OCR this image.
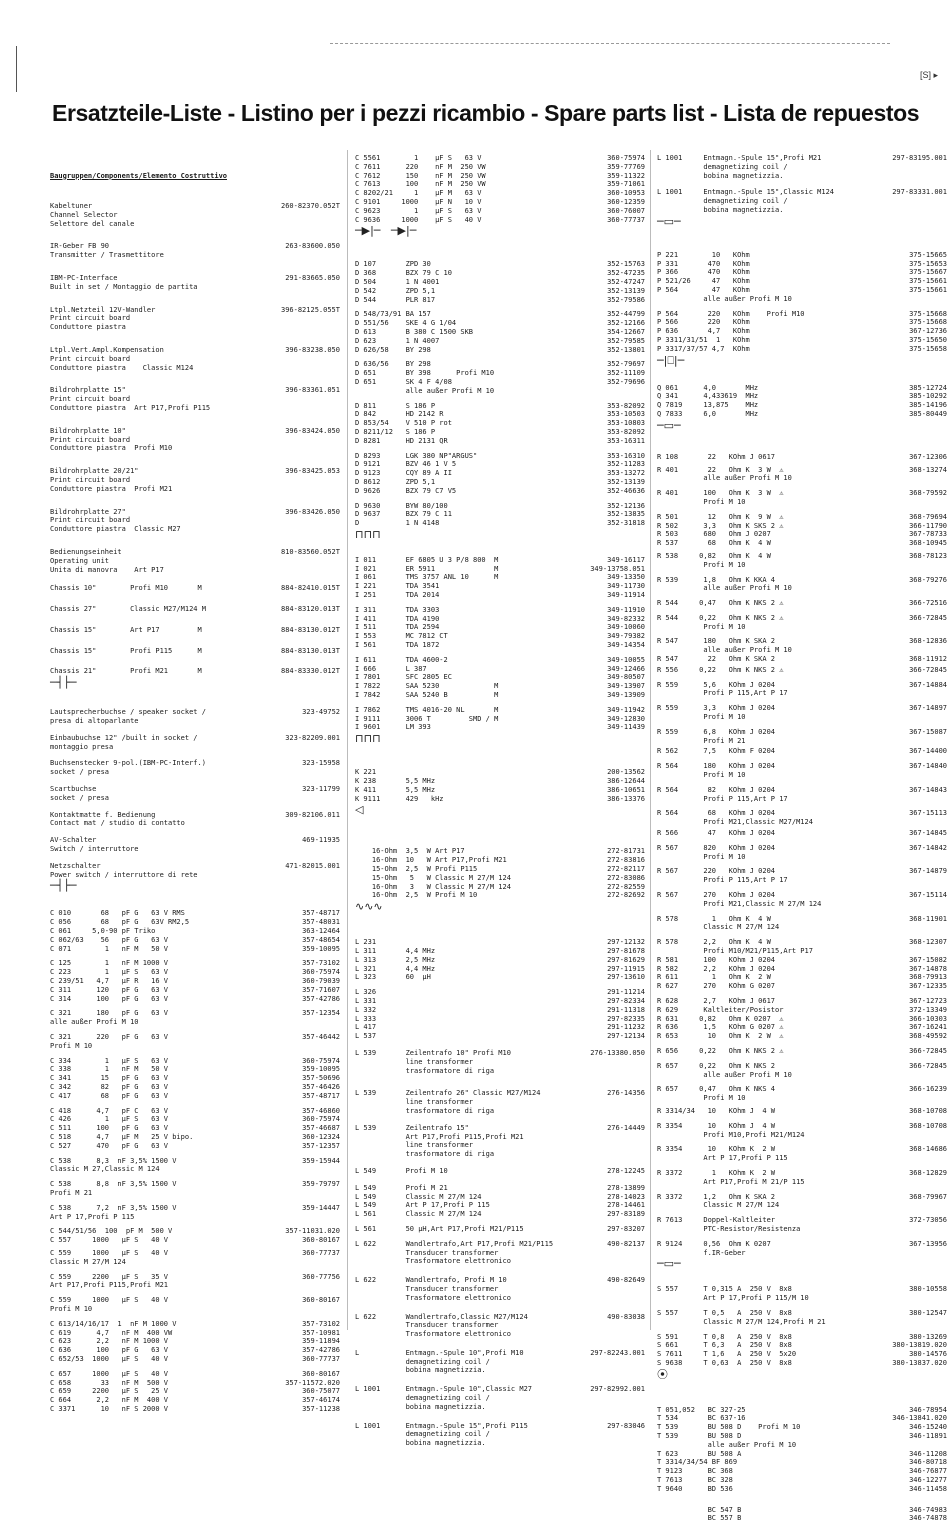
[S] ▸
Ersatzteile-Liste - Listino per i pezzi ricambio - Spare parts list - Lista de repuestos

Baugruppen/Components/Elemento Costruttivo

Kabeltuner
Channel Selector
Selettore del canale
260-82370.052T
IR-Geber FB 90
Transmitter / Trasmettitore
263-83600.050
IBM-PC-Interface
Built in set / Montaggio de partita
291-83665.050
Ltpl.Netzteil 12V-Wandler
Print circuit board
Conduttore piastra
396-82125.055T
Ltpl.Vert.Ampl.Kompensation
Print circuit board
Conduttore piastra    Classic M124
396-83238.050
Bildrohrplatte 15"
Print circuit board
Conduttore piastra  Art P17,Profi P115
396-83361.051
Bildrohrplatte 10"
Print circuit board
Conduttore piastra  Profi M10
396-83424.050
Bildrohrplatte 20/21"
Print circuit board
Conduttore piastra  Profi M21
396-83425.053
Bildrohrplatte 27"
Print circuit board
Conduttore piastra  Classic M27
396-83426.050
Bedienungseinheit
Operating unit
Unita di manovra    Art P17
810-83560.052T
Chassis 10"        Profi M10       M	884-82410.015T
Chassis 27"        Classic M27/M124 M	884-83120.013T
Chassis 15"        Art P17         M	884-83130.012T
Chassis 15"        Profi P115      M	884-83130.013T
Chassis 21"        Profi M21       M	884-83330.012T
─┤├─
Lautsprecherbuchse / speaker socket /
presa di altoparlante
323-49752
Einbaubuchse 12" /built in socket /
montaggio presa
323-82209.001
Buchsenstecker 9-pol.(IBM-PC-Interf.)
socket / presa
323-15958
Scartbuchse
socket / presa
323-11799
Kontaktmatte f. Bedienung
Contact mat / studio di contatto
309-82106.011
AV-Schalter
Switch / interruttore
469-11935
Netzschalter
Power switch / interruttore di rete
471-82015.001
─┤├─
C 010       68   pF G   63 V RMS	357-48717
C 056       68   pF G   63V RM2,5	357-48031
C 061     5,0-90 pF Triko	363-12464
C 062/63    56   pF G   63 V	357-48654
C 071        1   nF M   50 V	359-10095
C 125        1   nF M 1000 V	357-73102
C 223        1   µF S   63 V	360-75974
C 239/51   4,7   µF R   16 V	360-79039
C 311      120   pF G   63 V	357-71607
C 314      100   pF G   63 V	357-42786
C 321      180   pF G   63 V
alle außer Profi M 10
357-12354
C 321      220   pF G   63 V
Profi M 10
357-46442
C 334        1   µF S   63 V	360-75974
C 338        1   nF M   50 V	359-10095
C 341       15   pF G   63 V	357-50696
C 342       82   pF G   63 V	357-46426
C 417       68   pF G   63 V	357-48717
C 418      4,7   pF C   63 V	357-46860
C 426        1   µF S   63 V	360-75974
C 511      100   pF G   63 V	357-46687
C 518      4,7   µF M   25 V bipo.	360-12324
C 527      470   pF G   63 V	357-12357
C 538      8,3  nF 3,5% 1500 V
Classic M 27,Classic M 124
359-15944
C 538      8,8  nF 3,5% 1500 V
Profi M 21
359-79797
C 538      7,2  nF 3,5% 1500 V
Art P 17,Profi P 115
359-14447
C 544/51/56  100  pF M  500 V	357-11031.020
C 557     1000   µF S   40 V	360-80167
C 559     1000   µF S   40 V
Classic M 27/M 124
360-77737
C 559     2200   µF S   35 V
Art P17,Profi P115,Profi M21
360-77756
C 559     1000   µF S   40 V
Profi M 10
360-80167
C 613/14/16/17  1  nF M 1000 V	357-73102
C 619      4,7   nF M  400 VW	357-10981
C 623      2,2   nF M 1000 V	359-11894
C 636      100   pF G   63 V	357-42786
C 652/53  1000   µF S   40 V	360-77737
C 657     1000   µF S   40 V	360-80167
C 658       33   nF M  500 V	357-11572.020
C 659     2200   µF S   25 V	360-75077
C 664      2,2   nF M  400 V	357-46174
C 3371      10   nF S 2000 V	357-11238
C 5561        1    µF S   63 V	360-75974
C 7611      220    nF M  250 VW	359-77769
C 7612      150    nF M  250 VW	359-11322
C 7613      100    nF M  250 VW	359-71061
C 8202/21     1    µF M   63 V	360-10953
C 9101     1000    µF N   10 V	360-12359
C 9623        1    µF S   63 V	360-76007
C 9636     1000    µF S   40 V	360-77737
─▶|─   ─▶|─
D 107       ZPD 30	352-15763
D 368       BZX 79 C 10	352-47235
D 504       1 N 4001	352-47247
D 542       ZPD 5,1	352-13139
D 544       PLR 817	352-79586
D 548/73/91 BA 157	352-44799
D 551/56    SKE 4 G 1/04	352-12166
D 613       B 380 C 1500 SKB	354-12667
D 623       1 N 4007	352-79585
D 626/58    BY 298	352-13801
D 636/56    BY 298	352-79697
D 651       BY 398      Profi M10	352-11109
D 651       SK 4 F 4/08
alle außer Profi M 10
352-79696
D 811       S 186 P	353-82092
D 842       HD 2142 R	353-10503
D 853/54    V 510 P rot	353-10803
D 8211/12   S 186 P	353-82092
D 8281      HD 2131 QR	353-16311
D 8293      LGK 380 NP"ARGUS"	353-16310
D 9121      BZV 46 1 V 5	352-11283
D 9123      CQY 89 A II	353-13272
D 8612      ZPD 5,1	352-13139
D 9626      BZX 79 C7 V5	352-46636
D 9630      BYW 80/100	352-12136
D 9637      BZX 79 C 11	352-13835
D           1 N 4148	352-31818
⊓⊓⊓
I 011       EF 6805 U 3 P/8 800  M	349-16117
I 021       ER 5911              M	349-13758.051
I 061       TMS 3757 ANL 10      M	349-13350
I 221       TDA 3541	349-11730
I 251       TDA 2014	349-11914
I 311       TDA 3303	349-11910
I 411       TDA 4190	349-82332
I 511       TDA 2594	349-10060
I 553       MC 7812 CT	349-79382
I 561       TDA 1872	349-14354
I 611       TDA 4600-2	349-10055
I 666       L 387	349-12466
I 7801      SFC 2805 EC	349-80507
I 7822      SAA 5230             M	349-13907
I 7842      SAA 5240 B           M	349-13909
I 7862      TMS 4016-20 NL       M	349-11942
I 9111      3006 T         SMD / M	349-12830
I 9601      LM 393	349-11439
⊓⊓⊓
K 221	200-13562
K 238       5,5 MHz	386-12644
K 411       5,5 MHz	386-10651
K 9111      429   kHz	386-13376
◁
16-Ohm  3,5  W Art P17	272-81731
16-Ohm  10   W Art P17,Profi M21	272-83816
15-Ohm  2,5  W Profi P115	272-82117
15-Ohm   5   W Classic M 27/M 124	272-83086
16-Ohm   3   W Classic M 27/M 124	272-82559
16-Ohm  2,5  W Profi M 10	272-82692
∿∿∿
L 231	297-12132
L 311       4,4 MHz	297-81678
L 313       2,5 MHz	297-81629
L 321       4,4 MHz	297-11915
L 323       60  µH	297-13610
L 326	291-11214
L 331	297-82334
L 332	291-11318
L 333	297-82335
L 417	291-11232
L 537	297-12134
L 539       Zeilentrafo 10" Profi M10
line transformer
trasformatore di riga
276-13380.050
L 539       Zeilentrafo 26" Classic M27/M124
line transformer
trasformatore di riga
276-14356
L 539       Zeilentrafo 15"
Art P17,Profi P115,Profi M21
line transformer
trasformatore di riga
276-14449
L 549       Profi M 10	278-12245
L 549       Profi M 21	278-13899
L 549       Classic M 27/M 124	278-14023
L 549       Art P 17,Profi P 115	278-14461
L 561       Classic M 27/M 124	297-83189
L 561       50 µH,Art P17,Profi M21/P115	297-83207
L 622       Wandlertrafo,Art P17,Profi M21/P115
Transducer transformer
Trasformatore elettronico
490-82137
L 622       Wandlertrafo, Profi M 10
Transducer transformer
Trasformatore elettronico
490-82649
L 622       Wandlertrafo,Classic M27/M124
Transducer transformer
Trasformatore elettronico
490-83038
L           Entmagn.-Spule 10",Profi M10
demagnetizing coil /
bobina magnetizzia.
297-82243.001
L 1001      Entmagn.-Spule 10",Classic M27
demagnetizing coil /
bobina magnetizzia.
297-82992.001
L 1001      Entmagn.-Spule 15",Profi P115
demagnetizing coil /
bobina magnetizzia.
297-83046
L 1001     Entmagn.-Spule 15",Profi M21
demagnetizing coil /
bobina magnetizzia.
297-83195.001
L 1001     Entmagn.-Spule 15",Classic M124
demagnetizing coil /
bobina magnetizzia.
297-83331.001
─▭─
P 221        10   KOhm	375-15665
P 331       470   KOhm	375-15653
P 366       470   KOhm	375-15667
P 521/26     47   KOhm	375-15661
P 564        47   KOhm
alle außer Profi M 10
375-15661
P 564       220   KOhm    Profi M10	375-15668
P 566       220   KOhm	375-15668
P 636       4,7   KOhm	367-12736
P 3311/31/51  1   KOhm	375-15650
P 3317/37/57 4,7  KOhm	375-15658
─|⎕|─
Q 061      4,0       MHz	385-12724
Q 341      4,433619  MHz	385-10292
Q 7819     13,875    MHz	385-14196
Q 7833     6,0       MHz	385-80449
─▭─
R 108       22   KOhm J 0617	367-12306
R 401       22   Ohm K  3 W  ⚠
alle außer Profi M 10
368-13274
R 401      100   Ohm K  3 W  ⚠
Profi M 10
368-79592
R 501       12   Ohm K  9 W  ⚠	368-79694
R 502      3,3   Ohm K SKS 2 ⚠	366-11790
R 503      680   Ohm J 0207	367-78733
R 537       68   Ohm K  4 W	368-10945
R 538     0,82   Ohm K  4 W
Profi M 10
368-78123
R 539      1,8   Ohm K KKA 4
alle außer Profi M 10
368-79276
R 544     0,47   Ohm K NKS 2 ⚠	366-72516
R 544     0,22   Ohm K NKS 2 ⚠
Profi M 10
366-72845
R 547      180   Ohm K SKA 2
alle außer Profi M 10
368-12836
R 547       22   Ohm K SKA 2	368-11912
R 556     0,22   Ohm K NKS 2 ⚠	366-72845
R 559      5,6   KOhm J 0204
Profi P 115,Art P 17
367-14884
R 559      3,3   KOhm J 0204
Profi M 10
367-14897
R 559      6,8   KOhm J 0204
Profi M 21
367-15087
R 562      7,5   KOhm F 0204	367-14400
R 564      180   KOhm J 0204
Profi M 10
367-14840
R 564       82   KOhm J 0204
Profi P 115,Art P 17
367-14843
R 564       68   KOhm J 0204
Profi M21,Classic M27/M124
367-15113
R 566       47   KOhm J 0204	367-14845
R 567      820   KOhm J 0204
Profi M 10
367-14842
R 567      220   KOhm J 0204
Profi P 115,Art P 17
367-14879
R 567      270   KOhm J 0204
Profi M21,Classic M 27/M 124
367-15114
R 578        1   Ohm K  4 W
Classic M 27/M 124
368-11901
R 578      2,2   Ohm K  4 W
Profi M10/M21/P115,Art P17
368-12307
R 581      100   KOhm J 0204	367-15082
R 582      2,2   KOhm J 0204	367-14878
R 611        1   Ohm K  2 W	368-79913
R 627      270   KOhm G 0207	367-12335
R 628      2,7   KOhm J 0617	367-12723
R 629      Kaltleiter/Posistor	372-13349
R 631     0,82   Ohm K 0207  ⚠	366-10303
R 636      1,5   KOhm G 0207 ⚠	367-16241
R 653       10   Ohm K  2 W  ⚠	368-49592
R 656     0,22   Ohm K NKS 2 ⚠	366-72845
R 657     0,22   Ohm K NKS 2
alle außer Profi M 10
366-72845
R 657     0,47   Ohm K NKS 4
Profi M 10
366-16239
R 3314/34   10   KOhm J  4 W	368-10708
R 3354      10   KOhm J  4 W
Profi M10,Profi M21/M124
368-10708
R 3354      10   KOhm K  2 W
Art P 17,Profi P 115
368-14686
R 3372       1   KOhm K  2 W
Art P17,Profi M 21/P 115
368-12829
R 3372     1,2   Ohm K SKA 2
Classic M 27/M 124
368-79967
R 7613     Doppel-Kaltleiter
PTC-Resistor/Resistenza
372-73056
R 9124     0,56  Ohm K 0207
f.IR-Geber
367-13956
─▭─
S 557      T 0,315 A  250 V  8x8
Art P 17,Profi P 115/M 10
380-10558
S 557      T 0,5   A  250 V  8x8
Classic M 27/M 124,Profi M 21
380-12547
S 591      T 0,8   A  250 V  8x8	380-13269
S 661      T 6,3   A  250 V  8x8	380-13819.020
S 7611     T 1,6   A  250 V  5x20	380-14576
S 9638     T 0,63  A  250 V  8x8	380-13837.020
⦿
T 051,052   BC 327-25	346-78954
T 534       BC 637-16	346-13841.020
T 539       BU 508 D    Profi M 10	346-15240
T 539       BU 508 D
alle außer Profi M 10
346-11891
T 623       BU 508 A	346-11208
T 3314/34/54 BF 869	346-80718
T 9123      BC 368	346-76877
T 7613      BC 328	346-12277
T 9640      BD 536	346-11458
BC 547 B	346-74983
BC 557 B	346-74878
